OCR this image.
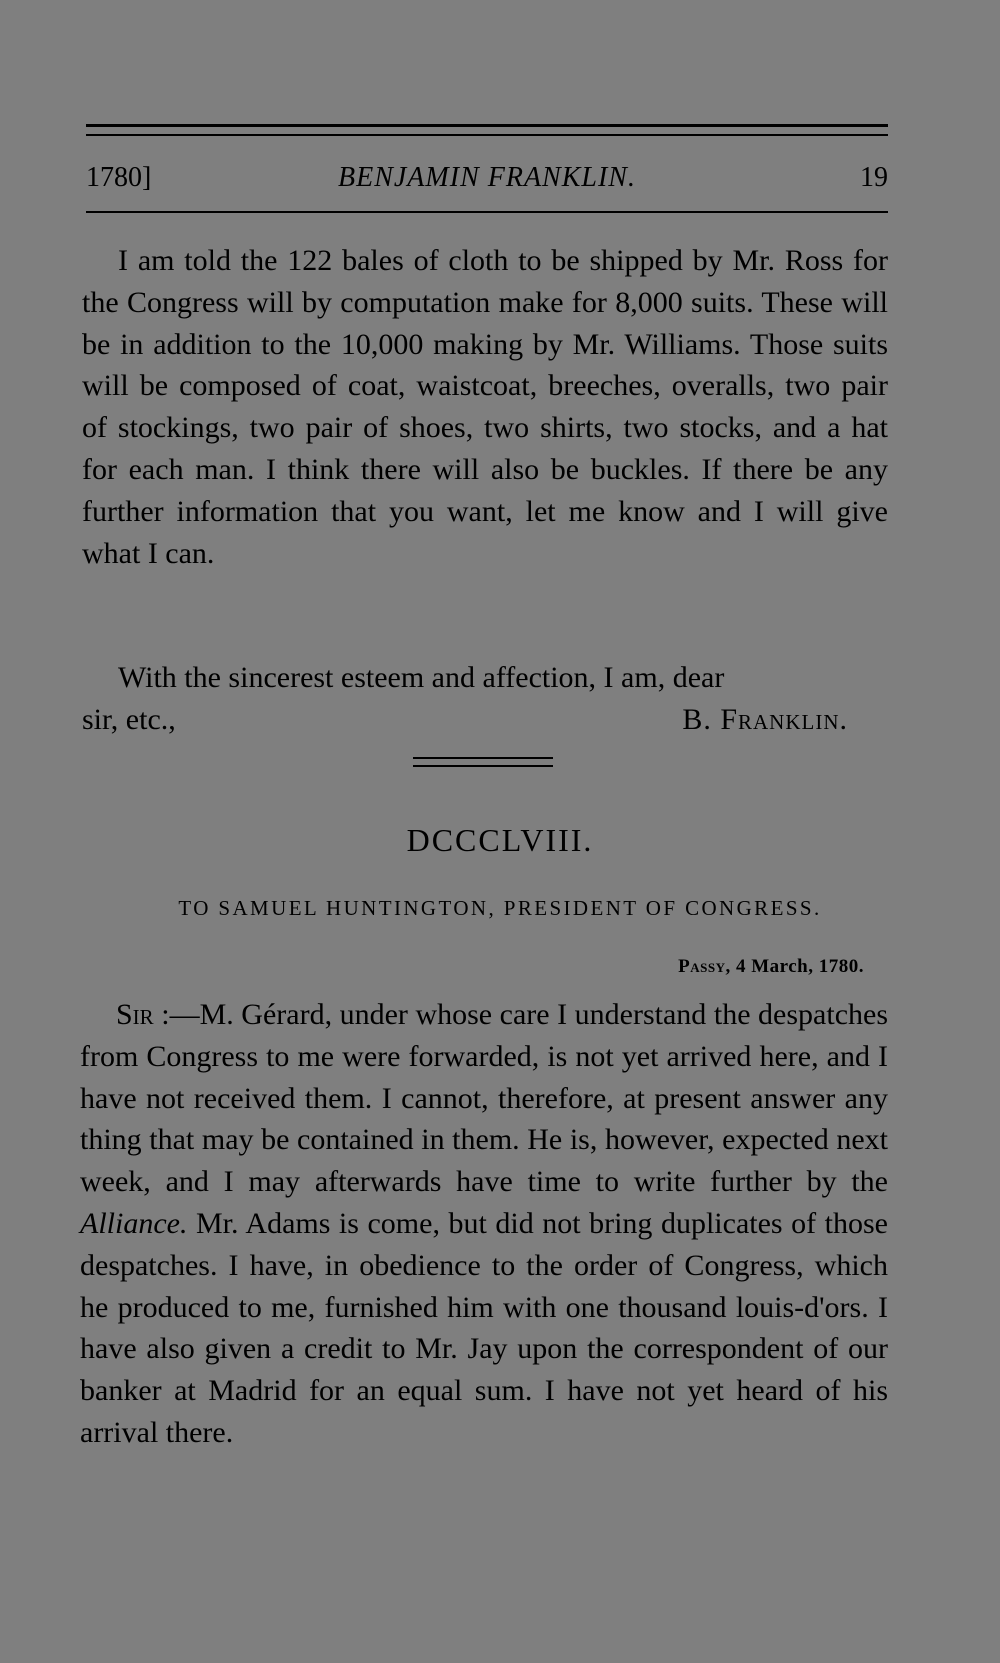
1780]	BENJAMIN FRANKLIN.	19

I am told the 122 bales of cloth to be shipped by Mr. Ross for the Congress will by computation make for 8,000 suits. These will be in addition to the 10,000 making by Mr. Williams. Those suits will be composed of coat, waistcoat, breeches, overalls, two pair of stockings, two pair of shoes, two shirts, two stocks, and a hat for each man. I think there will also be buckles. If there be any further information that you want, let me know and I will give what I can.

With the sincerest esteem and affection, I am, dear
sir, etc.,	B. Franklin.
DCCCLVIII.
TO SAMUEL HUNTINGTON, PRESIDENT OF CONGRESS.
Passy, 4 March, 1780.

Sir :—M. Gérard, under whose care I understand the despatches from Congress to me were forwarded, is not yet arrived here, and I have not received them. I cannot, therefore, at present answer any thing that may be contained in them. He is, however, expected next week, and I may afterwards have time to write further by the Alliance. Mr. Adams is come, but did not bring duplicates of those despatches. I have, in obedience to the order of Congress, which he produced to me, furnished him with one thousand louis-d'ors. I have also given a credit to Mr. Jay upon the correspondent of our banker at Madrid for an equal sum. I have not yet heard of his arrival there.
